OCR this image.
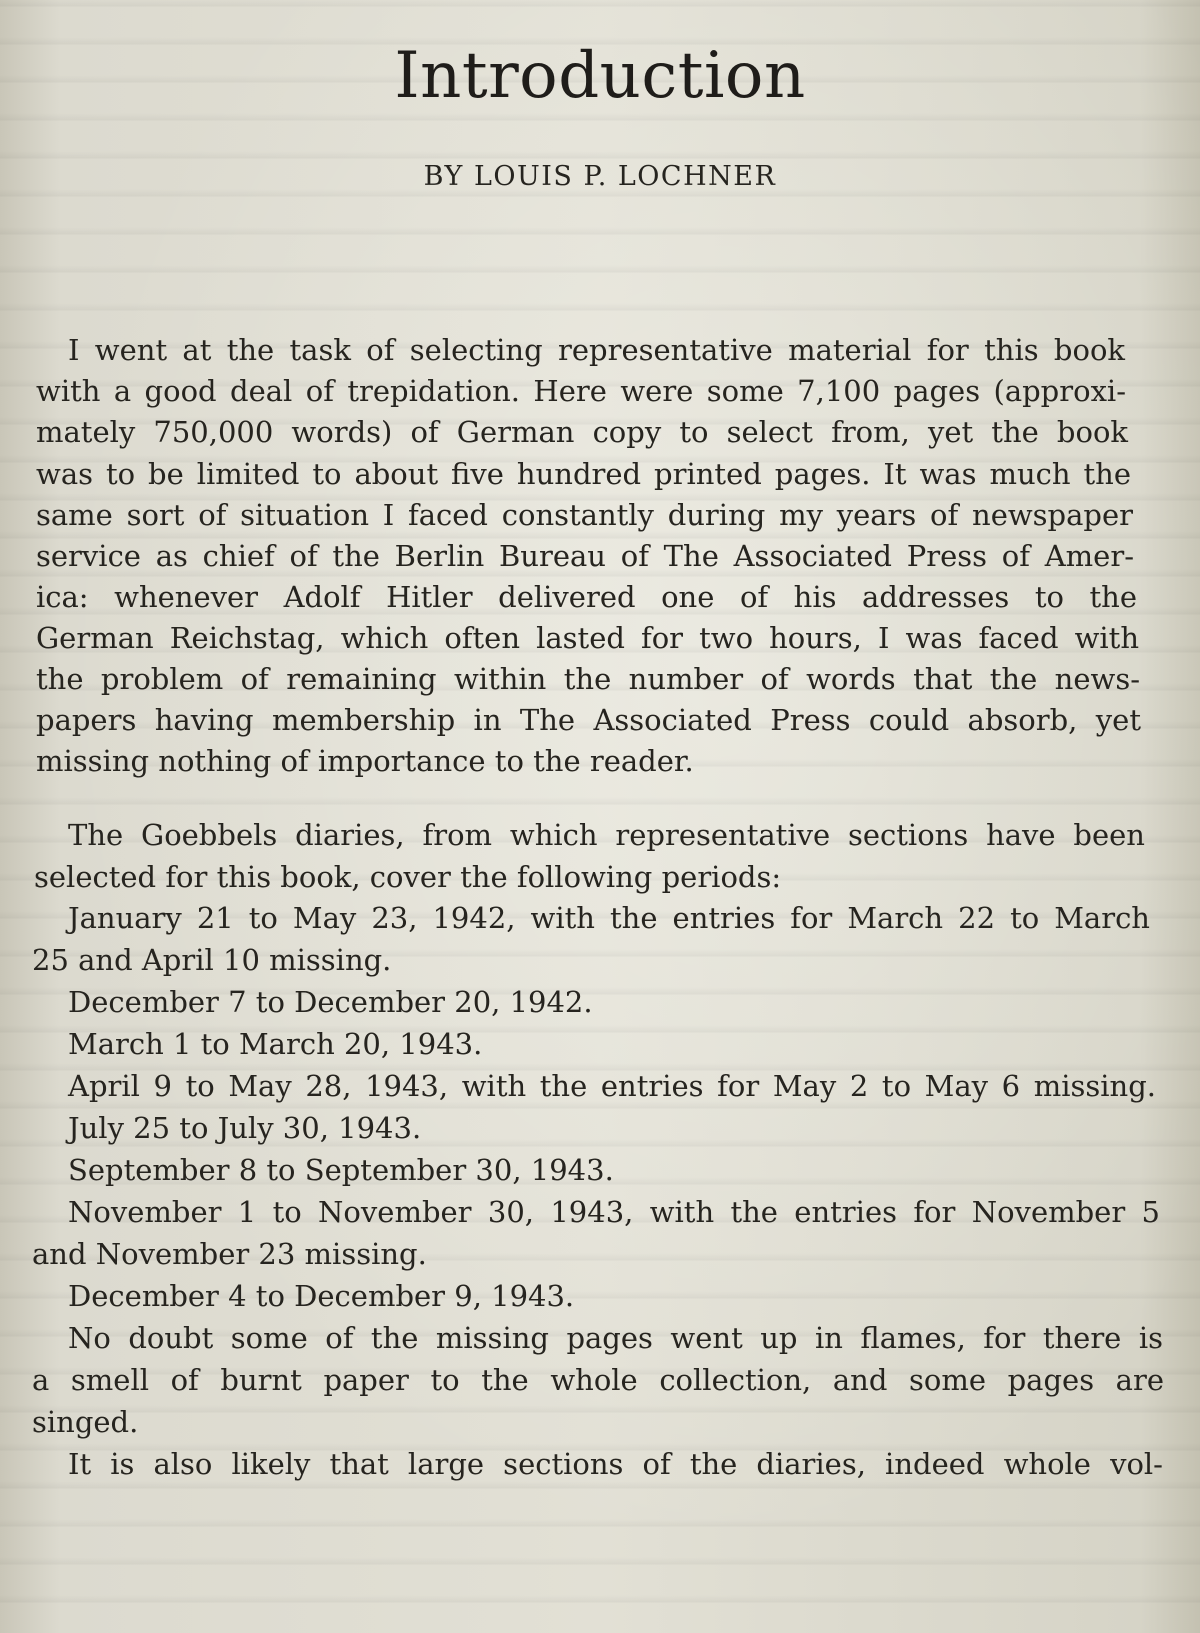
Introduction
BY LOUIS P. LOCHNER
I went at the task of selecting representative material for this book
with a good deal of trepidation. Here were some 7,100 pages (approxi-
mately 750,000 words) of German copy to select from, yet the book
was to be limited to about five hundred printed pages. It was much the
same sort of situation I faced constantly during my years of newspaper
service as chief of the Berlin Bureau of The Associated Press of Amer-
ica: whenever Adolf Hitler delivered one of his addresses to the
German Reichstag, which often lasted for two hours, I was faced with
the problem of remaining within the number of words that the news-
papers having membership in The Associated Press could absorb, yet
missing nothing of importance to the reader.
The Goebbels diaries, from which representative sections have been
selected for this book, cover the following periods:
January 21 to May 23, 1942, with the entries for March 22 to March
25 and April 10 missing.
December 7 to December 20, 1942.
March 1 to March 20, 1943.
April 9 to May 28, 1943, with the entries for May 2 to May 6 missing.
July 25 to July 30, 1943.
September 8 to September 30, 1943.
November 1 to November 30, 1943, with the entries for November 5
and November 23 missing.
December 4 to December 9, 1943.
No doubt some of the missing pages went up in flames, for there is
a smell of burnt paper to the whole collection, and some pages are
singed.
It is also likely that large sections of the diaries, indeed whole vol-
